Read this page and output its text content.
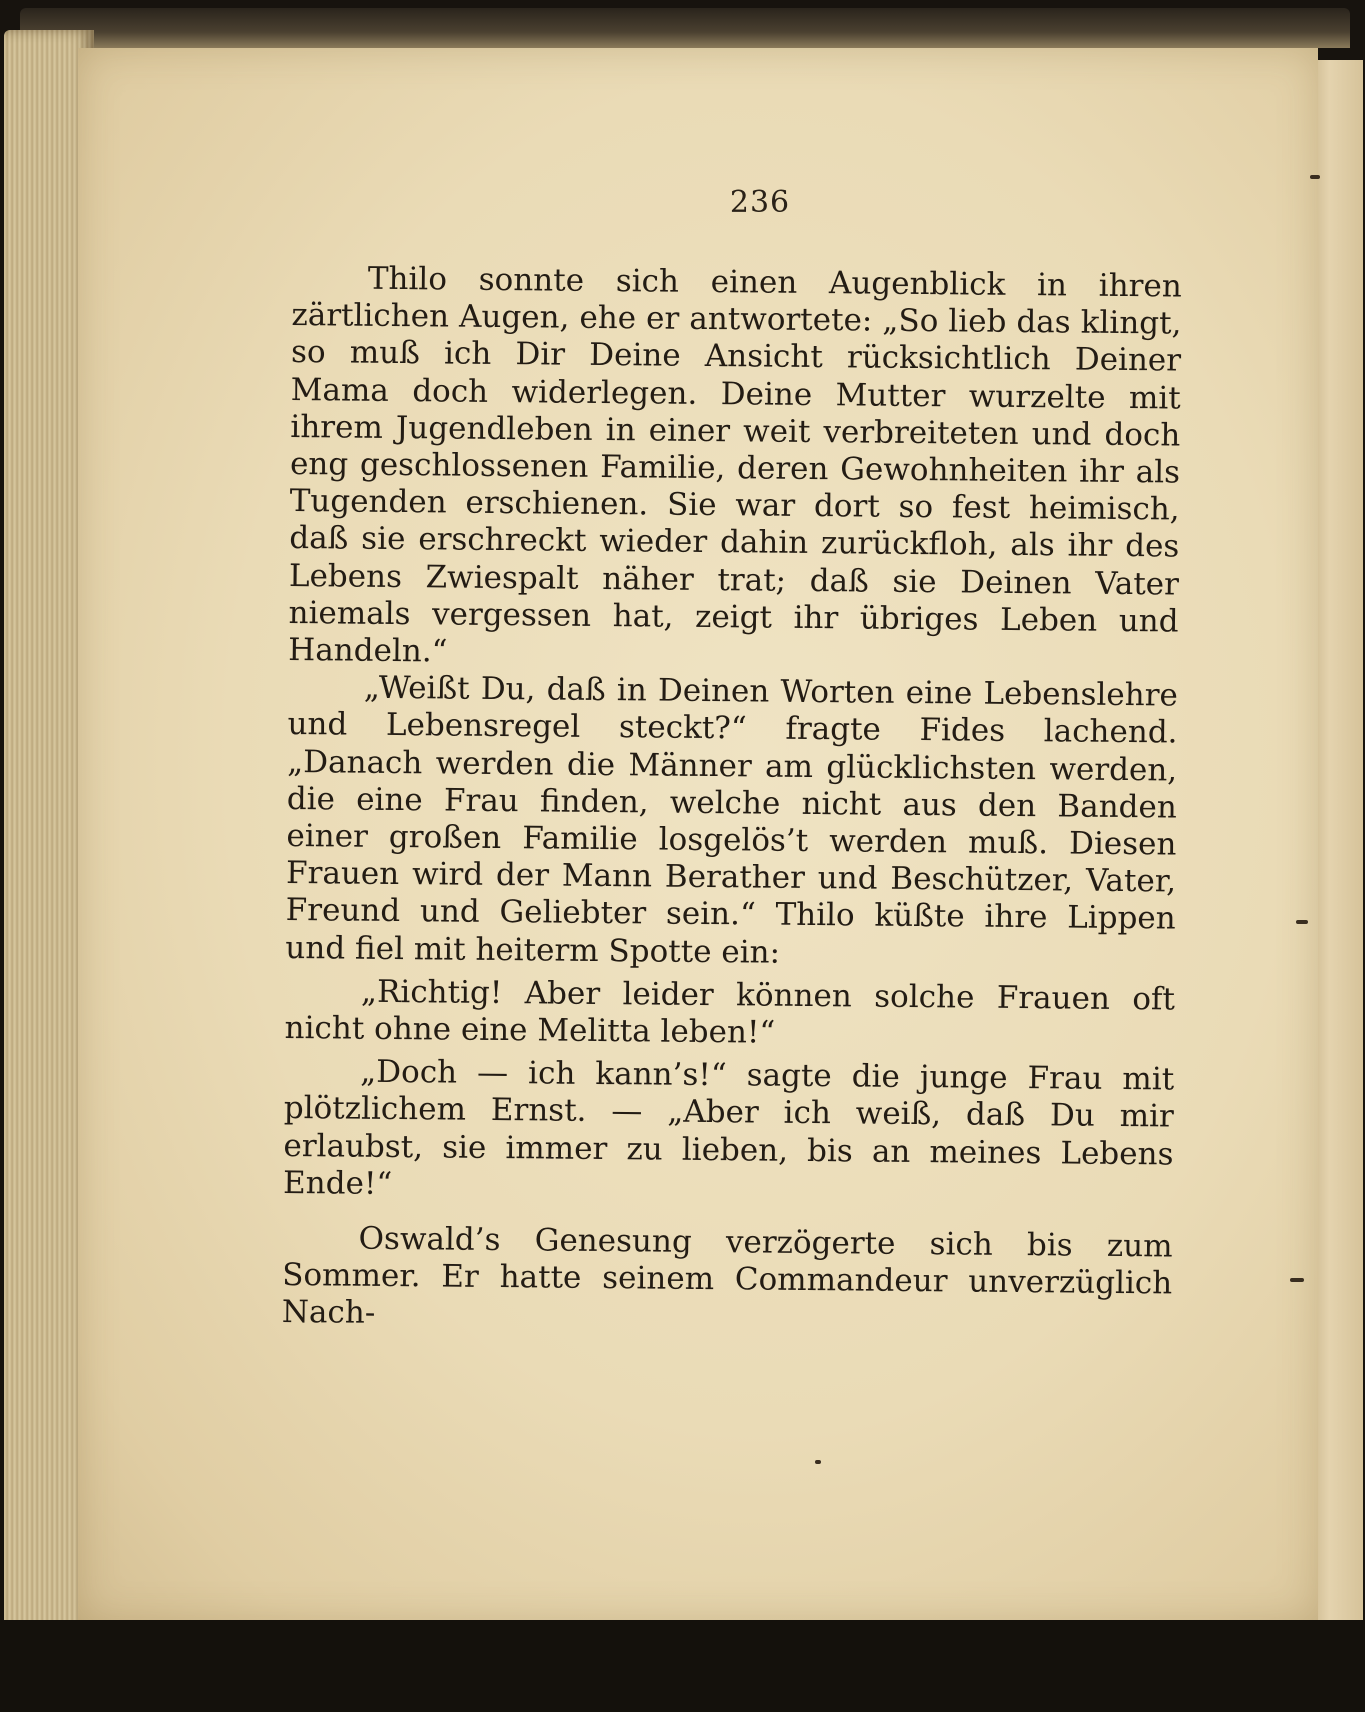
236

Thilo sonnte sich einen Augenblick in ihren zärtlichen Augen, ehe er antwortete: „So lieb das klingt, so muß ich Dir Deine Ansicht rücksichtlich Deiner Mama doch widerlegen. Deine Mutter wurzelte mit ihrem Jugendleben in einer weit verbreiteten und doch eng geschlossenen Familie, deren Gewohnheiten ihr als Tugenden erschienen. Sie war dort so fest heimisch, daß sie erschreckt wieder dahin zurückfloh, als ihr des Lebens Zwiespalt näher trat; daß sie Deinen Vater niemals vergessen hat, zeigt ihr übriges Leben und Handeln.“

„Weißt Du, daß in Deinen Worten eine Lebenslehre und Lebensregel steckt?“ fragte Fides lachend. „Danach werden die Männer am glücklichsten werden, die eine Frau finden, welche nicht aus den Banden einer großen Familie losgelös’t werden muß. Diesen Frauen wird der Mann Berather und Beschützer, Vater, Freund und Geliebter sein.“ Thilo küßte ihre Lippen und fiel mit heiterm Spotte ein:

„Richtig! Aber leider können solche Frauen oft nicht ohne eine Melitta leben!“

„Doch — ich kann’s!“ sagte die junge Frau mit plötzlichem Ernst. — „Aber ich weiß, daß Du mir erlaubst, sie immer zu lieben, bis an meines Lebens Ende!“

Oswald’s Genesung verzögerte sich bis zum Sommer. Er hatte seinem Commandeur unverzüglich Nach-
